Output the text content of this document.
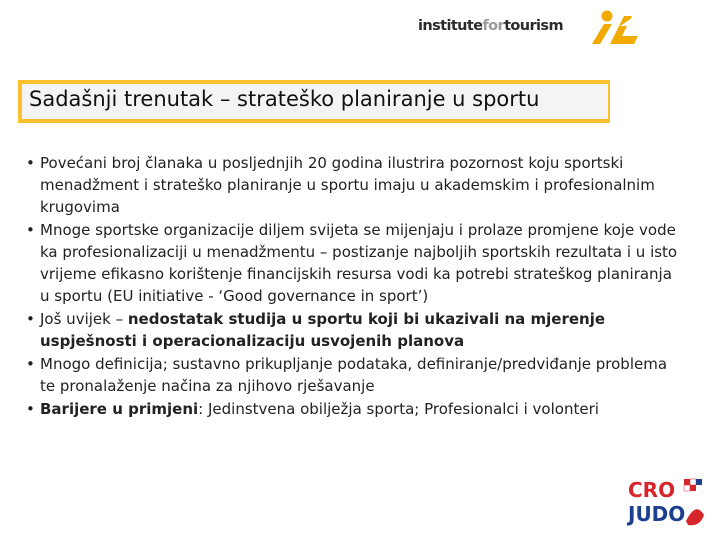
institutefortourism
Sadašnji trenutak – strateško planiranje u sportu
• Povećani broj članaka u posljednjih 20 godina ilustrira pozornost koju sportski menadžment i strateško planiranje u sportu imaju u akademskim i profesionalnim krugovima
• Mnoge sportske organizacije diljem svijeta se mijenjaju i prolaze promjene koje vode ka profesionalizaciji u menadžmentu – postizanje najboljih sportskih rezultata i u isto vrijeme efikasno korištenje financijskih resursa vodi ka potrebi strateškog planiranja u sportu (EU initiative - ‘Good governance in sport’)
• Još uvijek – nedostatak studija u sportu koji bi ukazivali na mjerenje uspješnosti i operacionalizaciju usvojenih planova
• Mnogo definicija; sustavno prikupljanje podataka, definiranje/predviđanje problema te pronalaženje načina za njihovo rješavanje
• Barijere u primjeni: Jedinstvena obilježja sporta; Profesionalci i volonteri
CRO
JUDO
